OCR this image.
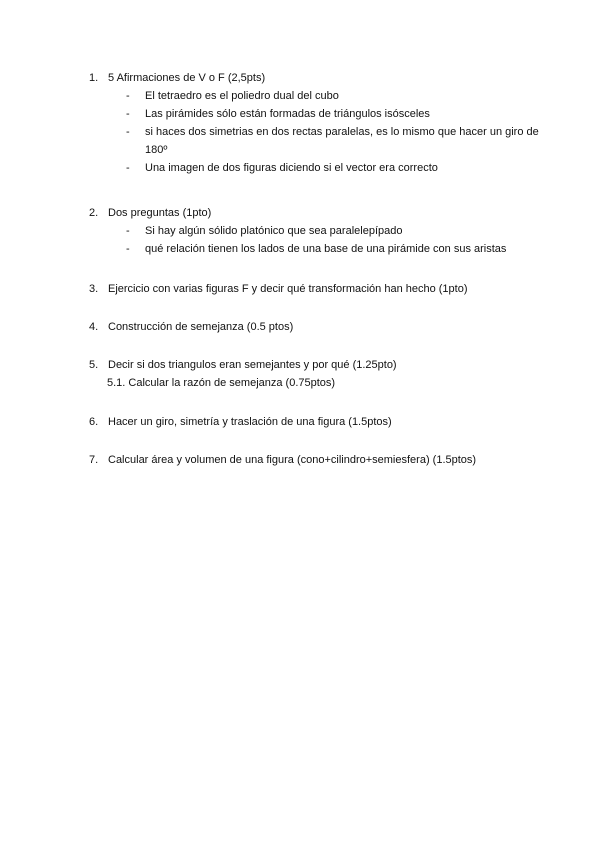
1. 5 Afirmaciones de V o F (2,5pts)
- El tetraedro es el poliedro dual del cubo
- Las pirámides sólo están formadas de triángulos isósceles
- si haces dos simetrias en dos rectas paralelas, es lo mismo que hacer un giro de 180º
- Una imagen de dos figuras diciendo si el vector era correcto
2. Dos preguntas (1pto)
- Si hay algún sólido platónico que sea paralelepípado
- qué relación tienen los lados de una base de una pirámide con sus aristas
3. Ejercicio con varias figuras F y decir qué transformación han hecho (1pto)
4. Construcción de semejanza (0.5 ptos)
5. Decir si dos triangulos eran semejantes y por qué (1.25pto)
5.1. Calcular la razón de semejanza (0.75ptos)
6. Hacer un giro, simetría y traslación de una figura (1.5ptos)
7. Calcular área y volumen de una figura (cono+cilindro+semiesfera) (1.5ptos)
